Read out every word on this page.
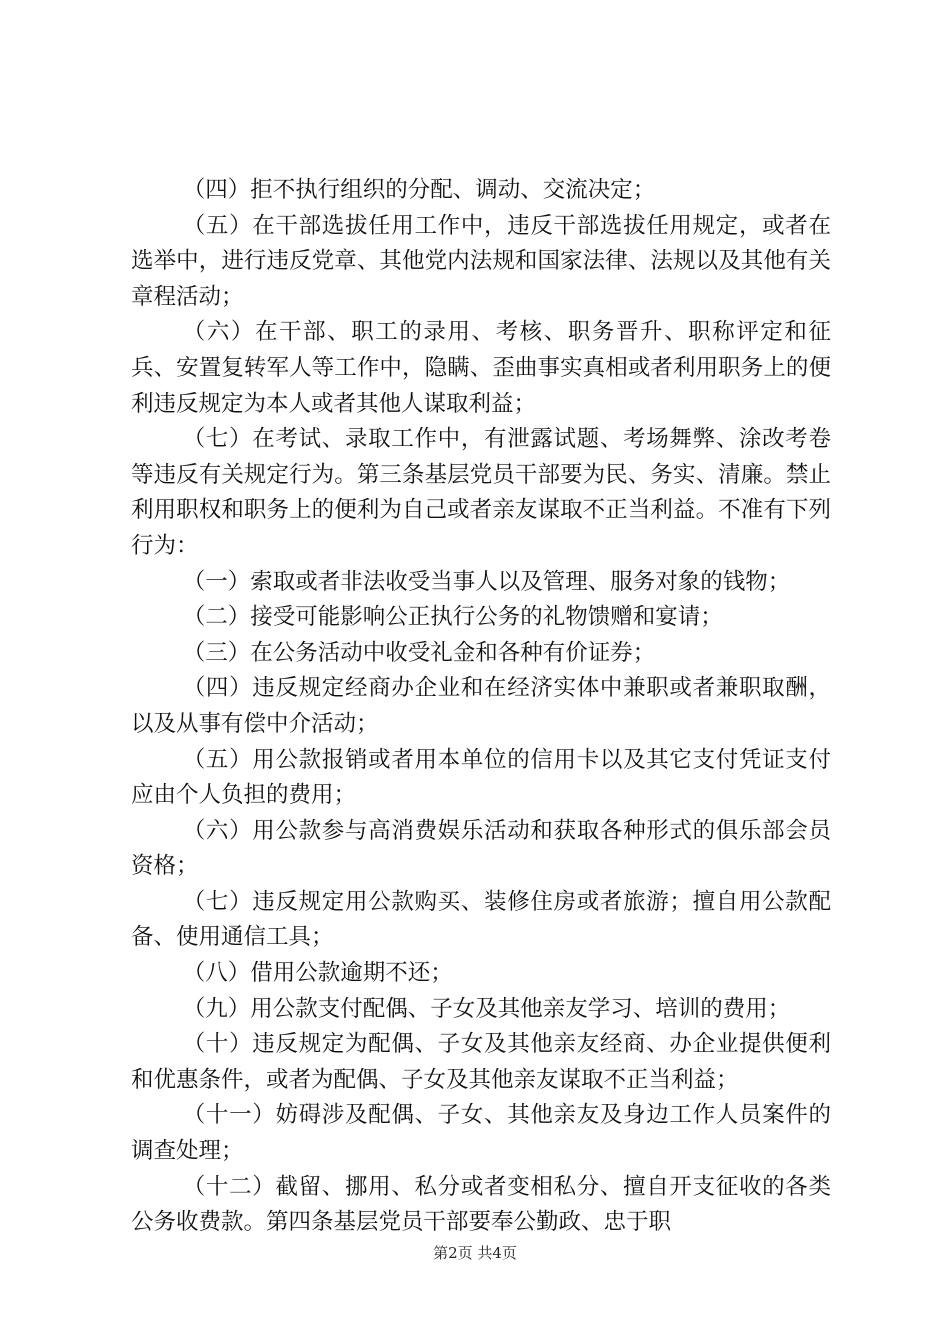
（四）拒不执行组织的分配、调动、交流决定；

（五）在干部选拔任用工作中，违反干部选拔任用规定，或者在选举中，进行违反党章、其他党内法规和国家法律、法规以及其他有关章程活动；

（六）在干部、职工的录用、考核、职务晋升、职称评定和征兵、安置复转军人等工作中，隐瞒、歪曲事实真相或者利用职务上的便利违反规定为本人或者其他人谋取利益；

（七）在考试、录取工作中，有泄露试题、考场舞弊、涂改考卷等违反有关规定行为。第三条基层党员干部要为民、务实、清廉。禁止利用职权和职务上的便利为自己或者亲友谋取不正当利益。不准有下列行为：

（一）索取或者非法收受当事人以及管理、服务对象的钱物；

（二）接受可能影响公正执行公务的礼物馈赠和宴请；

（三）在公务活动中收受礼金和各种有价证券；

（四）违反规定经商办企业和在经济实体中兼职或者兼职取酬，以及从事有偿中介活动；

（五）用公款报销或者用本单位的信用卡以及其它支付凭证支付应由个人负担的费用；

（六）用公款参与高消费娱乐活动和获取各种形式的俱乐部会员资格；

（七）违反规定用公款购买、装修住房或者旅游；擅自用公款配备、使用通信工具；

（八）借用公款逾期不还；

（九）用公款支付配偶、子女及其他亲友学习、培训的费用；

（十）违反规定为配偶、子女及其他亲友经商、办企业提供便利和优惠条件，或者为配偶、子女及其他亲友谋取不正当利益；

（十一）妨碍涉及配偶、子女、其他亲友及身边工作人员案件的调查处理；

（十二）截留、挪用、私分或者变相私分、擅自开支征收的各类公务收费款。第四条基层党员干部要奉公勤政、忠于职

第2页 共4页
